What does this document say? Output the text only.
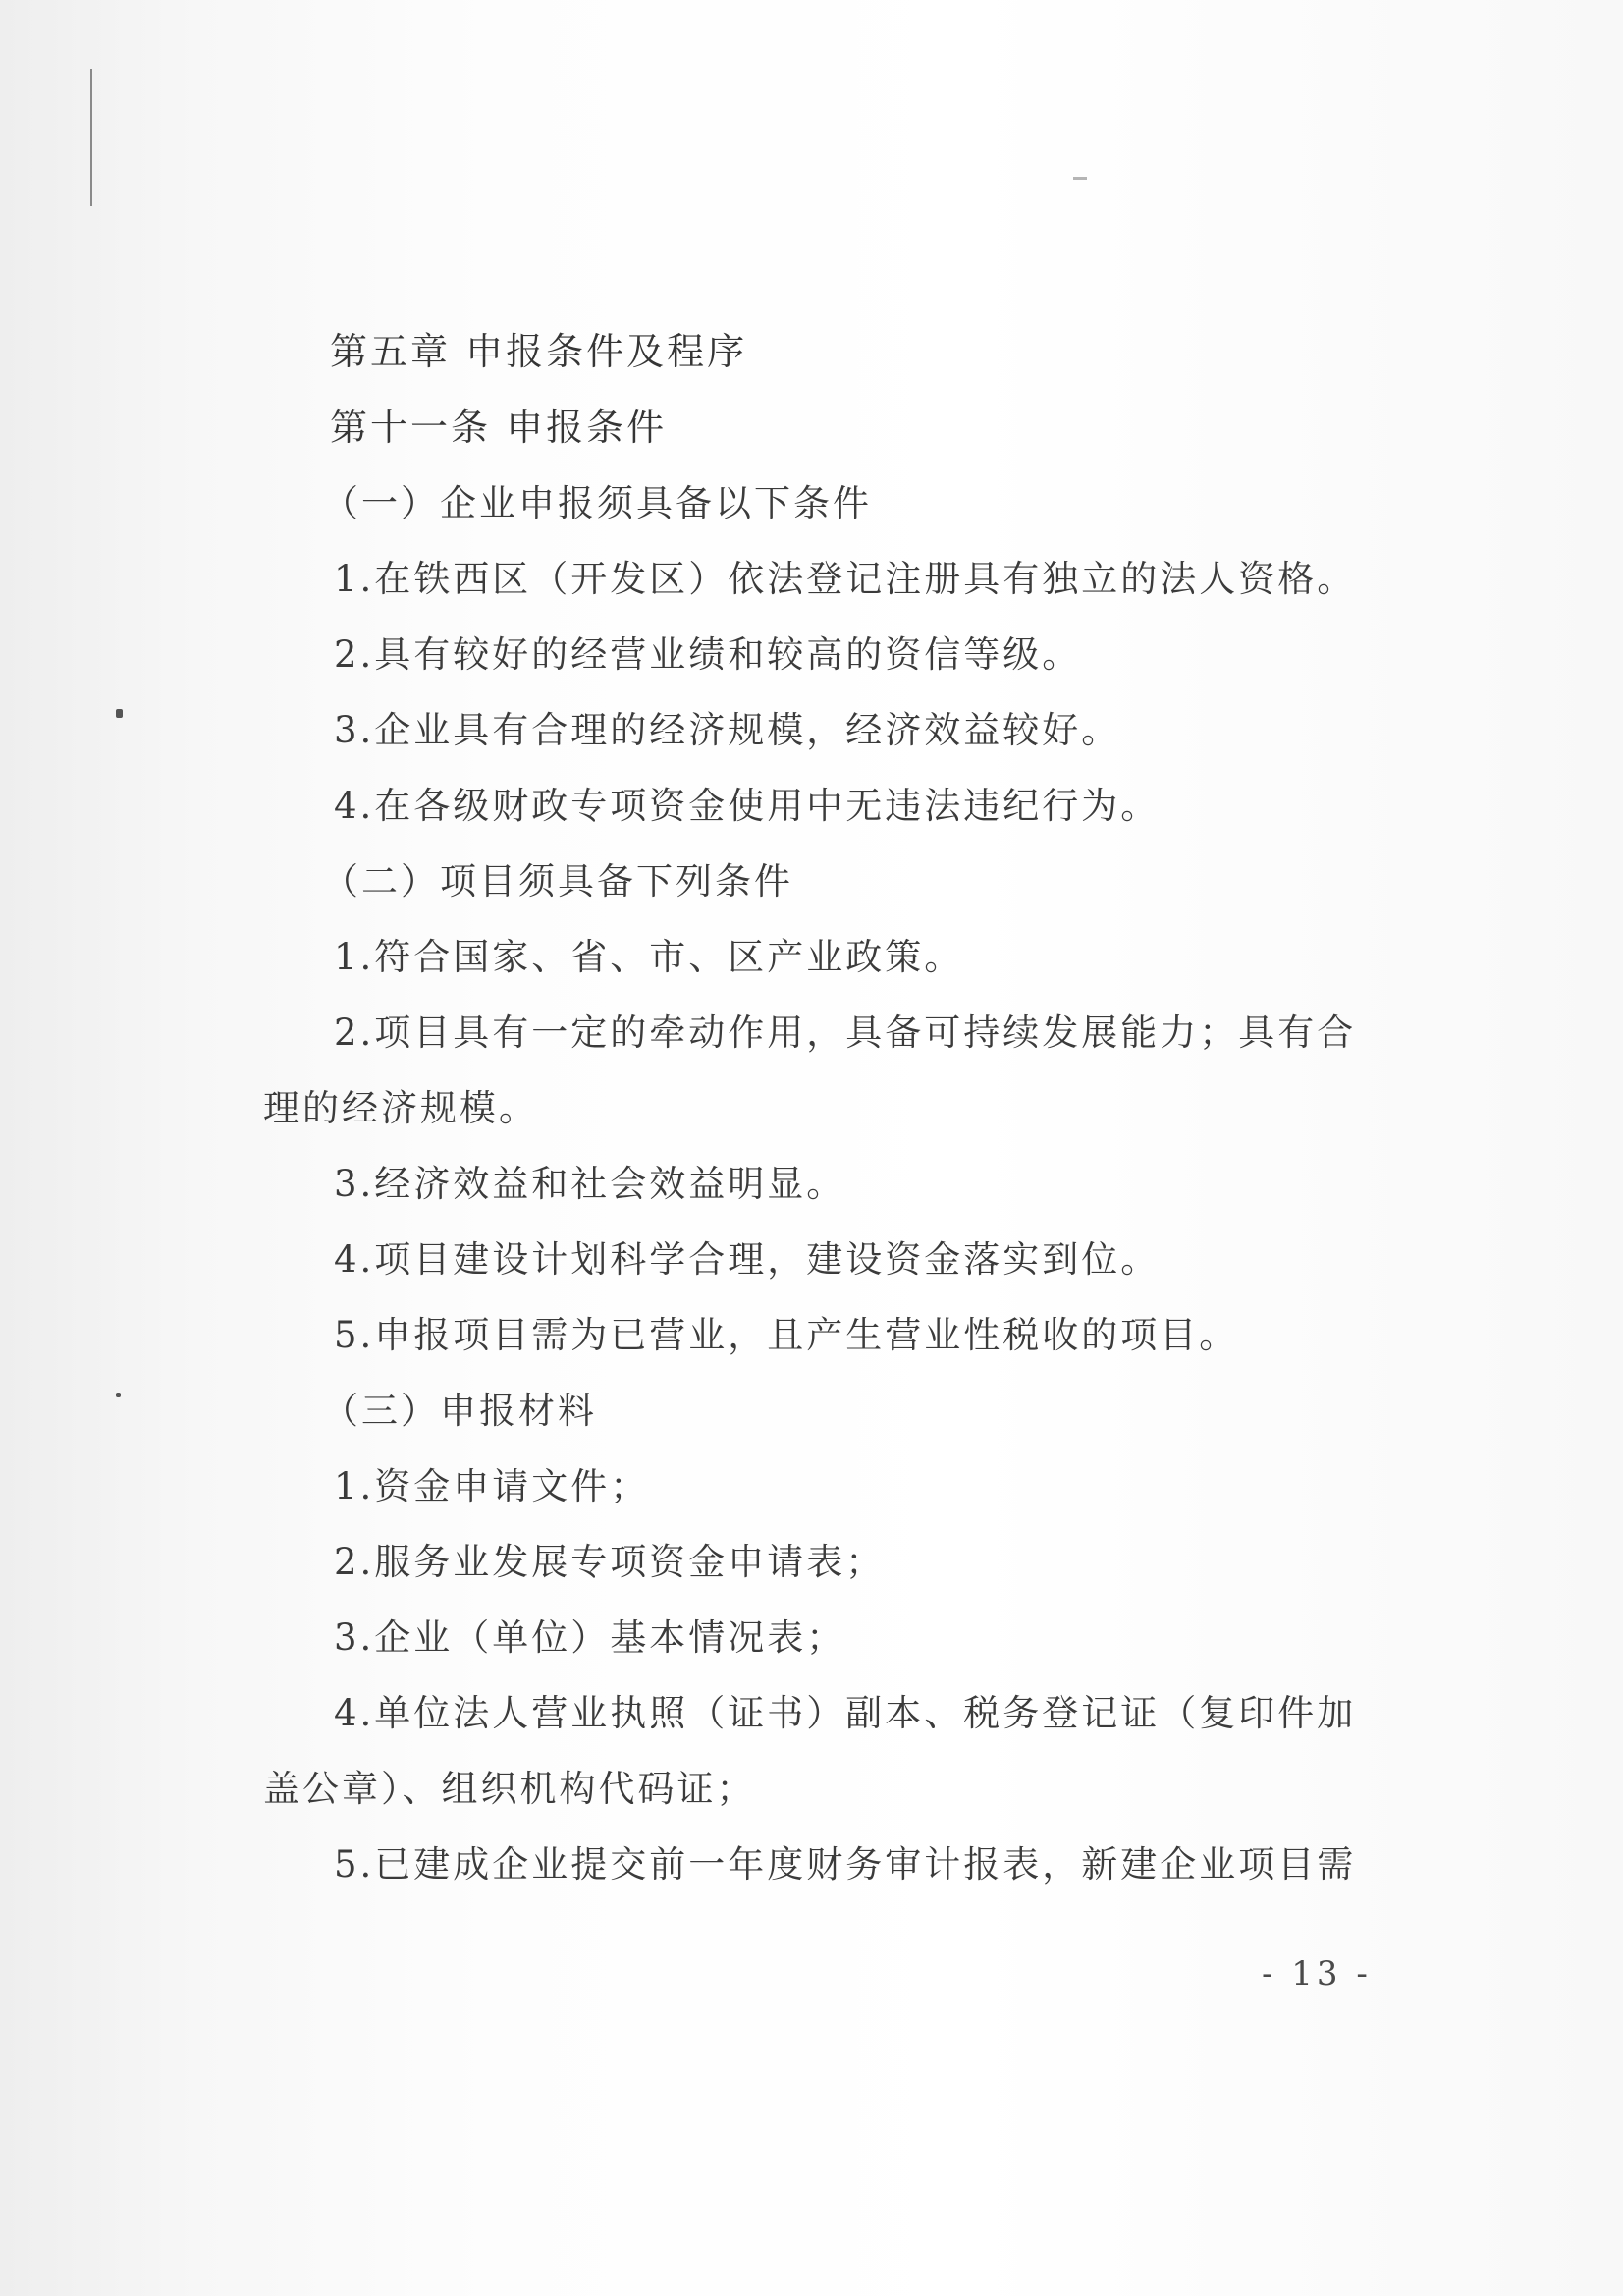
第五章 申报条件及程序
第十一条 申报条件
（一）企业申报须具备以下条件
1.在铁西区（开发区）依法登记注册具有独立的法人资格。
2.具有较好的经营业绩和较高的资信等级。
3.企业具有合理的经济规模，经济效益较好。
4.在各级财政专项资金使用中无违法违纪行为。
（二）项目须具备下列条件
1.符合国家、省、市、区产业政策。
2.项目具有一定的牵动作用，具备可持续发展能力；具有合
理的经济规模。
3.经济效益和社会效益明显。
4.项目建设计划科学合理，建设资金落实到位。
5.申报项目需为已营业，且产生营业性税收的项目。
（三）申报材料
1.资金申请文件；
2.服务业发展专项资金申请表；
3.企业（单位）基本情况表；
4.单位法人营业执照（证书）副本、税务登记证（复印件加
盖公章）、组织机构代码证；
5.已建成企业提交前一年度财务审计报表，新建企业项目需
- 13 -
